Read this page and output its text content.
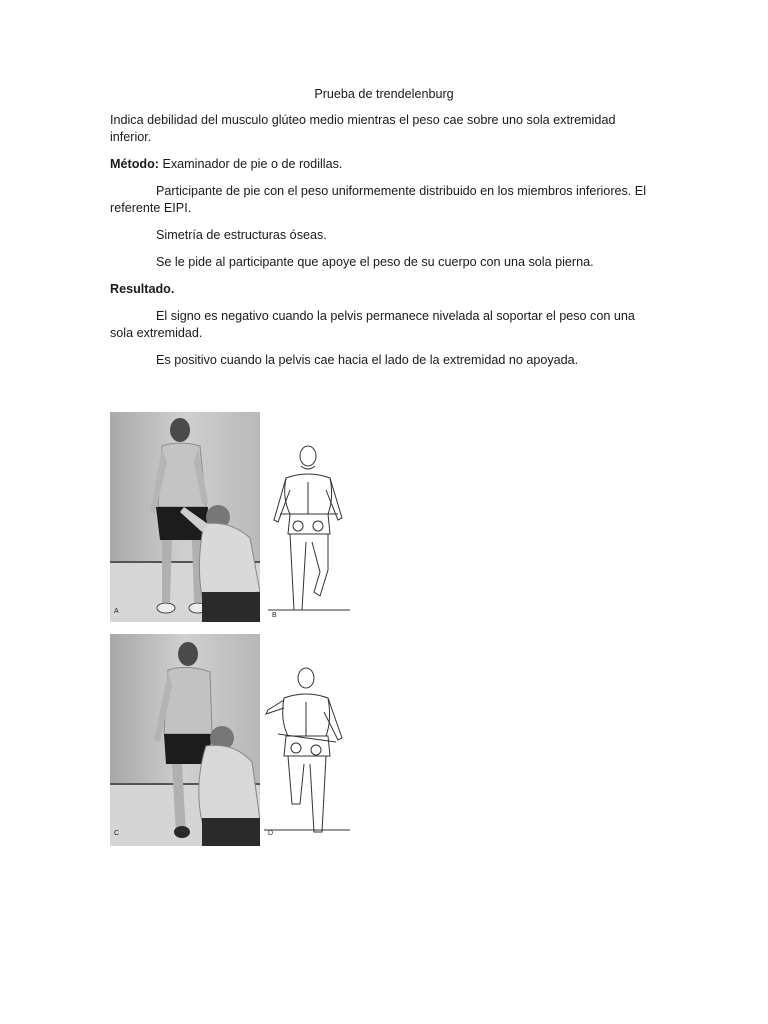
Prueba de trendelenburg

Indica debilidad del musculo glúteo medio mientras el peso cae sobre uno sola extremidad inferior.

Método: Examinador de pie o de rodillas.

Participante de pie con el peso uniformemente distribuido en los miembros inferiores. El referente EIPI.

Simetría de estructuras óseas.

Se le pide al participante que apoye el peso de su cuerpo con una sola pierna.

Resultado.

El signo es negativo cuando la pelvis permanece nivelada al soportar el peso con una sola extremidad.

Es positivo cuando la pelvis cae hacia el lado de la extremidad no apoyada.

A
B
C	D
